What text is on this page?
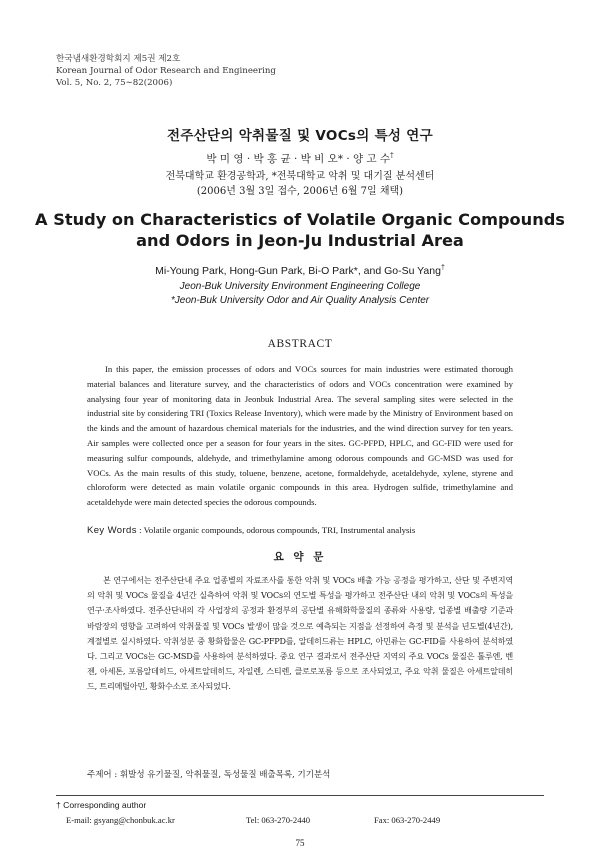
한국냄새환경학회지 제5권 제2호
Korean Journal of Odor Research and Engineering
Vol. 5, No. 2, 75∼82(2006)
전주산단의 악취물질 및 VOCs의 특성 연구
박 미 영 · 박 홍 균 · 박 비 오* · 양 고 수†
전북대학교 환경공학과, *전북대학교 악취 및 대기질 분석센터
(2006년 3월 3일 접수, 2006년 6월 7일 채택)
A Study on Characteristics of Volatile Organic Compounds and Odors in Jeon-Ju Industrial Area
Mi-Young Park, Hong-Gun Park, Bi-O Park*, and Go-Su Yang†
Jeon-Buk University Environment Engineering College
*Jeon-Buk University Odor and Air Quality Analysis Center
ABSTRACT
In this paper, the emission processes of odors and VOCs sources for main industries were estimated thorough material balances and literature survey, and the characteristics of odors and VOCs concentration were examined by analysing four year of monitoring data in Jeonbuk Industrial Area. The several sampling sites were selected in the industrial site by considering TRI (Toxics Release Inventory), which were made by the Ministry of Environment based on the kinds and the amount of hazardous chemical materials for the industries, and the wind direction survey for ten years. Air samples were collected once per a season for four years in the sites. GC-PFPD, HPLC, and GC-FID were used for measuring sulfur compounds, aldehyde, and trimethylamine among odorous compounds and GC-MSD was used for VOCs. As the main results of this study, toluene, benzene, acetone, formaldehyde, acetaldehyde, xylene, styrene and chloroform were detected as main volatile organic compounds in this area. Hydrogen sulfide, trimethylamine and acetaldehyde were main detected species the odorous compounds.
Key Words : Volatile organic compounds, odorous compounds, TRI, Instrumental analysis
요 약 문
본 연구에서는 전주산단내 주요 업종별의 자료조사를 통한 악취 및 VOCs 배출 가능 공정을 평가하고, 산단 및 주변지역의 악취 및 VOCs 물질을 4년간 실측하여 악취 및 VOCs의 연도별 특성을 평가하고 전주산단 내의 악취 및 VOCs의 특성을 연구·조사하였다. 전주산단내의 각 사업장의 공정과 환경부의 공단별 유해화학물질의 종류와 사용량, 업종별 배출량 기준과 바람장의 영향을 고려하여 악취물질 및 VOCs 발생이 많을 것으로 예측되는 지점을 선정하여 측정 및 분석을 년도별(4년간), 계절별로 실시하였다. 악취성분 중 황화합물은 GC-PFPD를, 알데히드류는 HPLC, 아민류는 GC-FID를 사용하여 분석하였다. 그리고 VOCs는 GC-MSD를 사용하여 분석하였다. 중요 연구 결과로서 전주산단 지역의 주요 VOCs 물질은 톨루엔, 벤젠, 아세톤, 포름알데히드, 아세트알데히드, 자일렌, 스티렌, 클로로포름 등으로 조사되었고, 주요 악취 물질은 아세트알데히드, 트리메틸아민, 황화수소로 조사되었다.
주제어 : 휘발성 유기물질, 악취물질, 독성물질 배출목록, 기기분석
† Corresponding author
E-mail: gsyang@chonbuk.ac.kr	Tel: 063-270-2440	Fax: 063-270-2449
75
